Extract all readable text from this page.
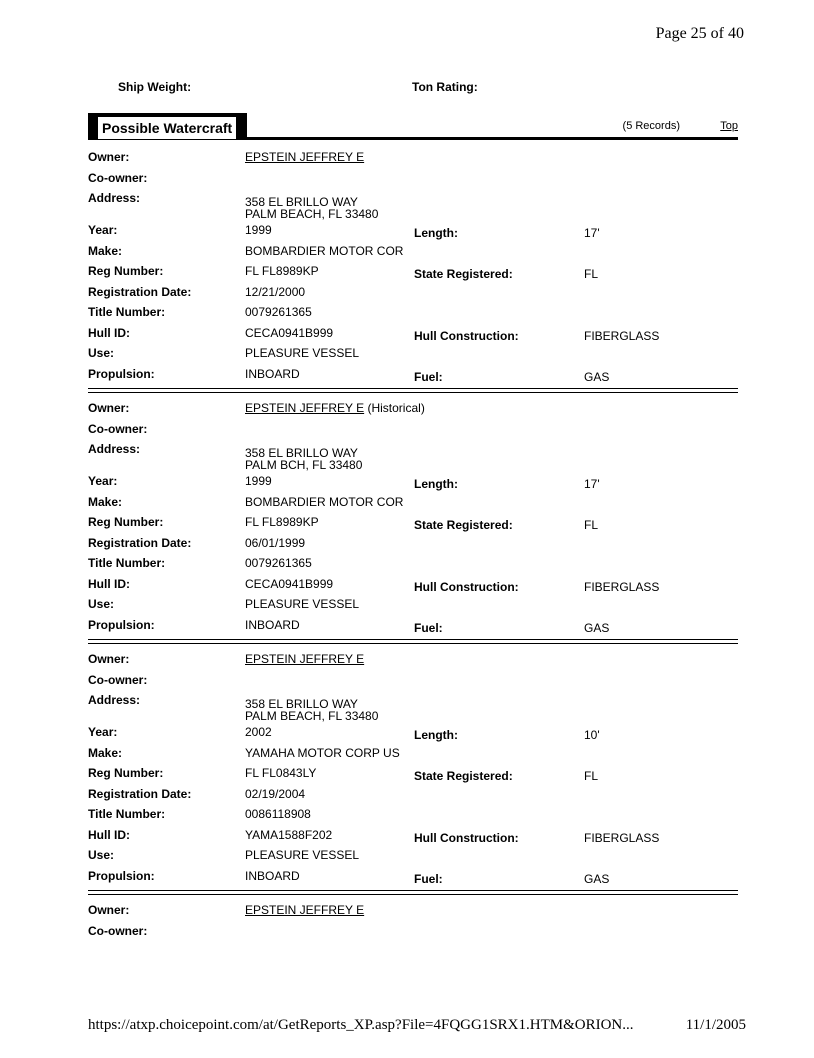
Page 25 of 40
Ship Weight:	Ton Rating:
Possible Watercraft	(5 Records)	Top
Owner:	EPSTEIN JEFFREY E
Co-owner:
Address:	358 EL BRILLO WAY
PALM BEACH, FL 33480
Year:	1999	Length:	17'
Make:	BOMBARDIER MOTOR COR
Reg Number:	FL FL8989KP	State Registered:	FL
Registration Date:	12/21/2000
Title Number:	0079261365
Hull ID:	CECA0941B999	Hull Construction:	FIBERGLASS
Use:	PLEASURE VESSEL
Propulsion:	INBOARD	Fuel:	GAS
Owner:	EPSTEIN JEFFREY E (Historical)
Co-owner:
Address:	358 EL BRILLO WAY
PALM BCH, FL 33480
Year:	1999	Length:	17'
Make:	BOMBARDIER MOTOR COR
Reg Number:	FL FL8989KP	State Registered:	FL
Registration Date:	06/01/1999
Title Number:	0079261365
Hull ID:	CECA0941B999	Hull Construction:	FIBERGLASS
Use:	PLEASURE VESSEL
Propulsion:	INBOARD	Fuel:	GAS
Owner:	EPSTEIN JEFFREY E
Co-owner:
Address:	358 EL BRILLO WAY
PALM BEACH, FL 33480
Year:	2002	Length:	10'
Make:	YAMAHA MOTOR CORP US
Reg Number:	FL FL0843LY	State Registered:	FL
Registration Date:	02/19/2004
Title Number:	0086118908
Hull ID:	YAMA1588F202	Hull Construction:	FIBERGLASS
Use:	PLEASURE VESSEL
Propulsion:	INBOARD	Fuel:	GAS
Owner:	EPSTEIN JEFFREY E
Co-owner:
https://atxp.choicepoint.com/at/GetReports_XP.asp?File=4FQGG1SRX1.HTM&ORION...	11/1/2005
